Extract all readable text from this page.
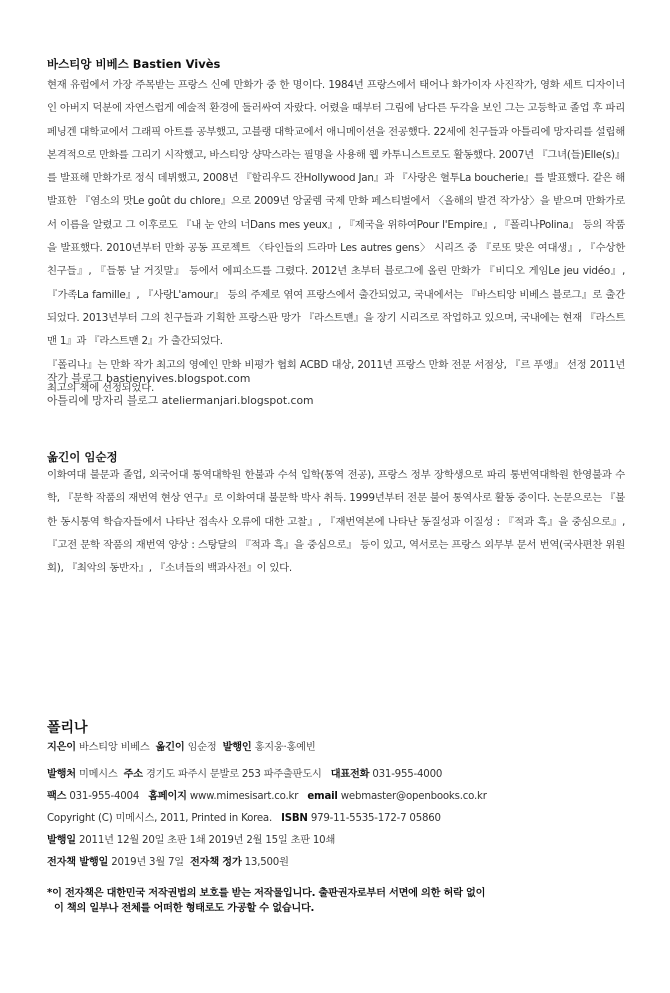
바스티앙 비베스 Bastien Vivès

현재 유럽에서 가장 주목받는 프랑스 신예 만화가 중 한 명이다. 1984년 프랑스에서 태어나 화가이자 사진작가, 영화 세트 디자이너인 아버지 덕분에 자연스럽게 예술적 환경에 둘러싸여 자랐다. 어렸을 때부터 그림에 남다른 두각을 보인 그는 고등학교 졸업 후 파리 페닝겐 대학교에서 그래픽 아트를 공부했고, 고블랭 대학교에서 애니메이션을 전공했다. 22세에 친구들과 아틀리에 망자리를 설립해 본격적으로 만화를 그리기 시작했고, 바스티앙 샹막스라는 필명을 사용해 웹 카투니스트로도 활동했다. 2007년 『그녀(들)Elle(s)』를 발표해 만화가로 정식 데뷔했고, 2008년 『할리우드 잔Hollywood Jan』과 『사랑은 혈투La boucherie』를 발표했다. 같은 해 발표한 『염소의 맛Le goût du chlore』으로 2009년 앙굴렘 국제 만화 페스티벌에서 〈올해의 발견 작가상〉을 받으며 만화가로서 이름을 알렸고 그 이후로도 『내 눈 안의 너Dans mes yeux』, 『제국을 위하여Pour l'Empire』, 『폴리나Polina』 등의 작품을 발표했다. 2010년부터 만화 공동 프로젝트 〈타인들의 드라마 Les autres gens〉 시리즈 중 『로또 맞은 여대생』, 『수상한 친구들』, 『들통 날 거짓말』 등에서 에피소드를 그렸다. 2012년 초부터 블로그에 올린 만화가 『비디오 게임Le jeu vidéo』, 『가족La famille』, 『사랑L'amour』 등의 주제로 엮여 프랑스에서 출간되었고, 국내에서는 『바스티앙 비베스 블로그』로 출간되었다. 2013년부터 그의 친구들과 기획한 프랑스판 망가 『라스트맨』을 장기 시리즈로 작업하고 있으며, 국내에는 현재 『라스트맨 1』과 『라스트맨 2』가 출간되었다.

『폴리나』는 만화 작가 최고의 영예인 만화 비평가 협회 ACBD 대상, 2011년 프랑스 만화 전문 서점상, 『르 푸앵』 선정 2011년 최고의 책에 선정되었다.

작가 블로그 bastienvives.blogspot.com
아틀리에 망자리 블로그 ateliermanjari.blogspot.com
옮긴이 임순정

이화여대 불문과 졸업, 외국어대 통역대학원 한불과 수석 입학(통역 전공), 프랑스 정부 장학생으로 파리 통번역대학원 한영불과 수학, 『문학 작품의 재번역 현상 연구』로 이화여대 불문학 박사 취득. 1999년부터 전문 불어 통역사로 활동 중이다. 논문으로는 『불한 동시통역 학습자들에서 나타난 접속사 오류에 대한 고찰』, 『재번역본에 나타난 동질성과 이질성 : 『적과 흑』을 중심으로』, 『고전 문학 작품의 재번역 양상 : 스탕달의 『적과 흑』을 중심으로』 등이 있고, 역서로는 프랑스 외무부 문서 번역(국사편찬 위원회), 『최악의 동반자』, 『소녀들의 백과사전』이 있다.

폴리나
지은이 바스티앙 비베스 옮긴이 임순정 발행인 홍지웅·홍예빈
발행처 미메시스 주소 경기도 파주시 문발로 253 파주출판도시 대표전화 031-955-4000
팩스 031-955-4004 홈페이지 www.mimesisart.co.kr email webmaster@openbooks.co.kr
Copyright (C) 미메시스, 2011, Printed in Korea. ISBN 979-11-5535-172-7 05860
발행일 2011년 12월 20일 초판 1쇄 2019년 2월 15일 초판 10쇄
전자책 발행일 2019년 3월 7일 전자책 정가 13,500원
*이 전자책은 대한민국 저작권법의 보호를 받는 저작물입니다. 출판권자로부터 서면에 의한 허락 없이
이 책의 일부나 전체를 어떠한 형태로도 가공할 수 없습니다.
